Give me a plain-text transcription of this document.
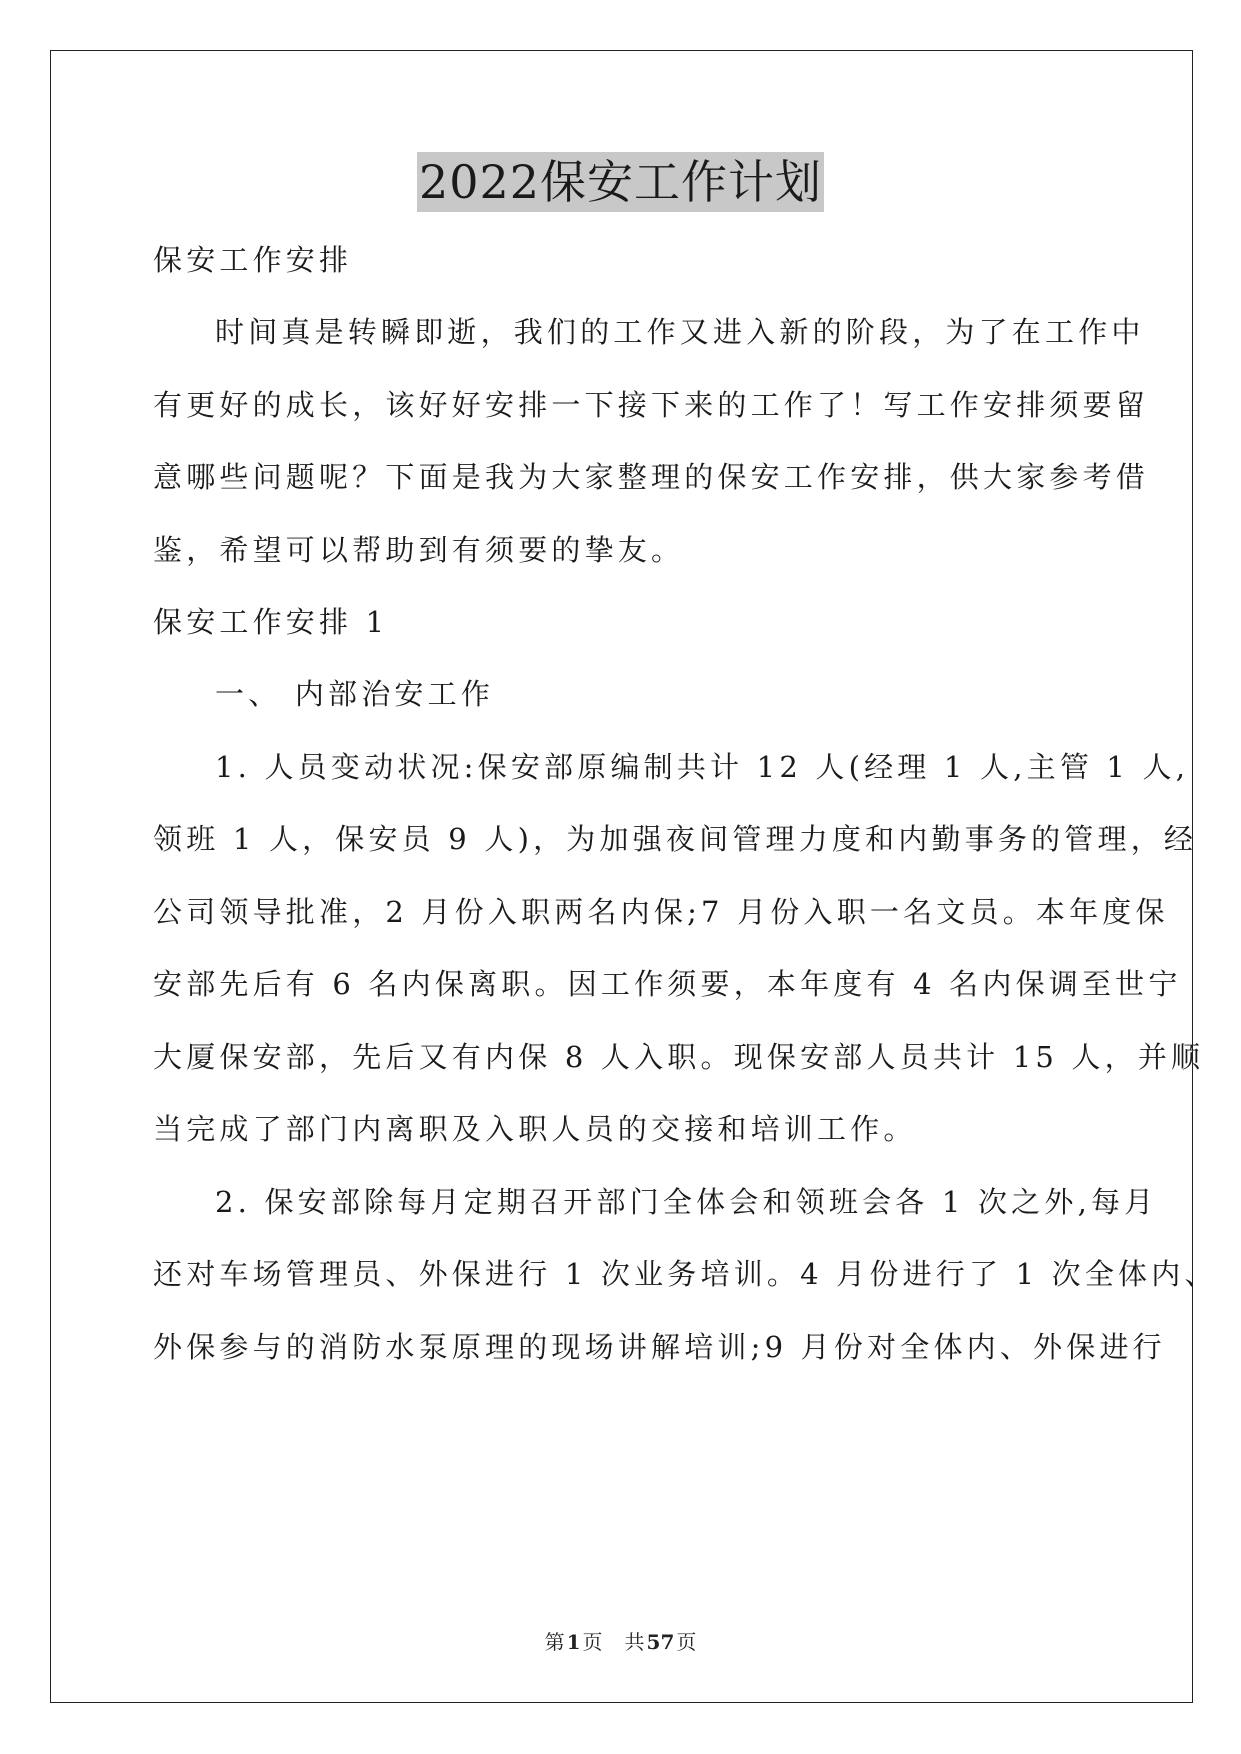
2022保安工作计划
保安工作安排
时间真是转瞬即逝，我们的工作又进入新的阶段，为了在工作中
有更好的成长，该好好安排一下接下来的工作了！写工作安排须要留
意哪些问题呢？下面是我为大家整理的保安工作安排，供大家参考借
鉴，希望可以帮助到有须要的挚友。
保安工作安排 1
一、 内部治安工作
1. 人员变动状况:保安部原编制共计 12 人(经理 1 人,主管 1 人,
领班 1 人，保安员 9 人)，为加强夜间管理力度和内勤事务的管理，经
公司领导批准，2 月份入职两名内保;7 月份入职一名文员。本年度保
安部先后有 6 名内保离职。因工作须要，本年度有 4 名内保调至世宁
大厦保安部，先后又有内保 8 人入职。现保安部人员共计 15 人，并顺
当完成了部门内离职及入职人员的交接和培训工作。
2. 保安部除每月定期召开部门全体会和领班会各 1 次之外,每月
还对车场管理员、外保进行 1 次业务培训。4 月份进行了 1 次全体内、
外保参与的消防水泵原理的现场讲解培训;9 月份对全体内、外保进行
第 1 页 共 57 页
